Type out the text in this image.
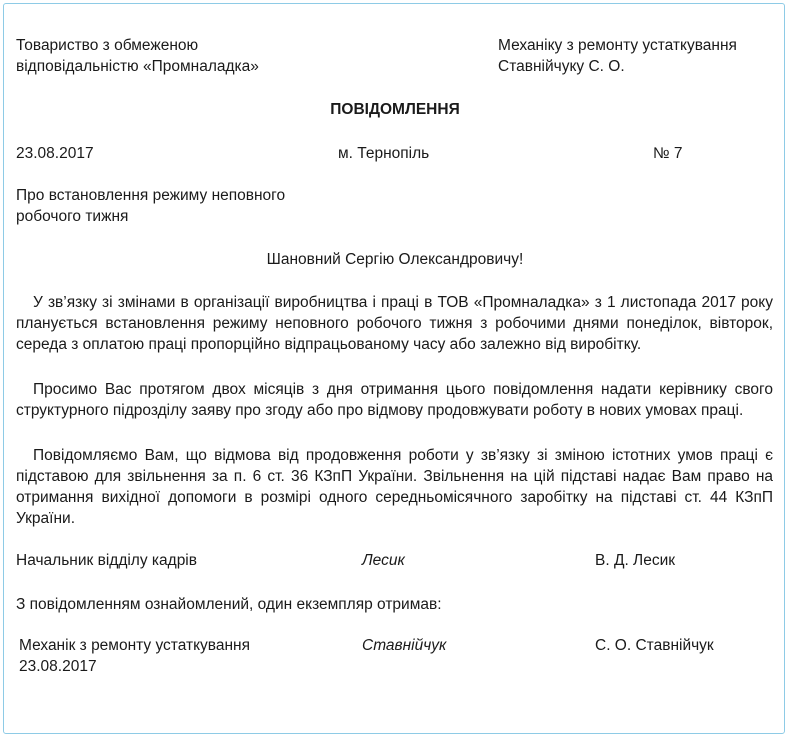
Товариство з обмеженою
відповідальністю «Промналадка»
Механіку з ремонту устаткування
Ставнійчуку С. О.
ПОВІДОМЛЕННЯ
23.08.2017	м. Тернопіль	№ 7
Про встановлення режиму неповного
робочого тижня
Шановний Сергію Олександровичу!
У зв’язку зі змінами в організації виробництва і праці в ТОВ «Промналадка» з 1 листопада 2017 року планується встановлення режиму неповного робочого тижня з робочими днями понеділок, вівторок, середа з оплатою праці пропорційно відпрацьованому часу або залежно від виробітку.
Просимо Вас протягом двох місяців з дня отримання цього повідомлення надати керівнику свого структурного підрозділу заяву про згоду або про відмову продовжувати роботу в нових умовах праці.
Повідомляємо Вам, що відмова від продовження роботи у зв’язку зі зміною істотних умов праці є підставою для звільнення за п. 6 ст. 36 КЗпП України. Звільнення на цій підставі надає Вам право на отримання вихідної допомоги в розмірі одного середньомісячного заробітку на підставі ст. 44 КЗпП України.
Начальник відділу кадрів	Лесик	В. Д. Лесик
З повідомленням ознайомлений, один екземпляр отримав:
Механік з ремонту устаткування	Ставнійчук	С. О. Ставнійчук
23.08.2017
